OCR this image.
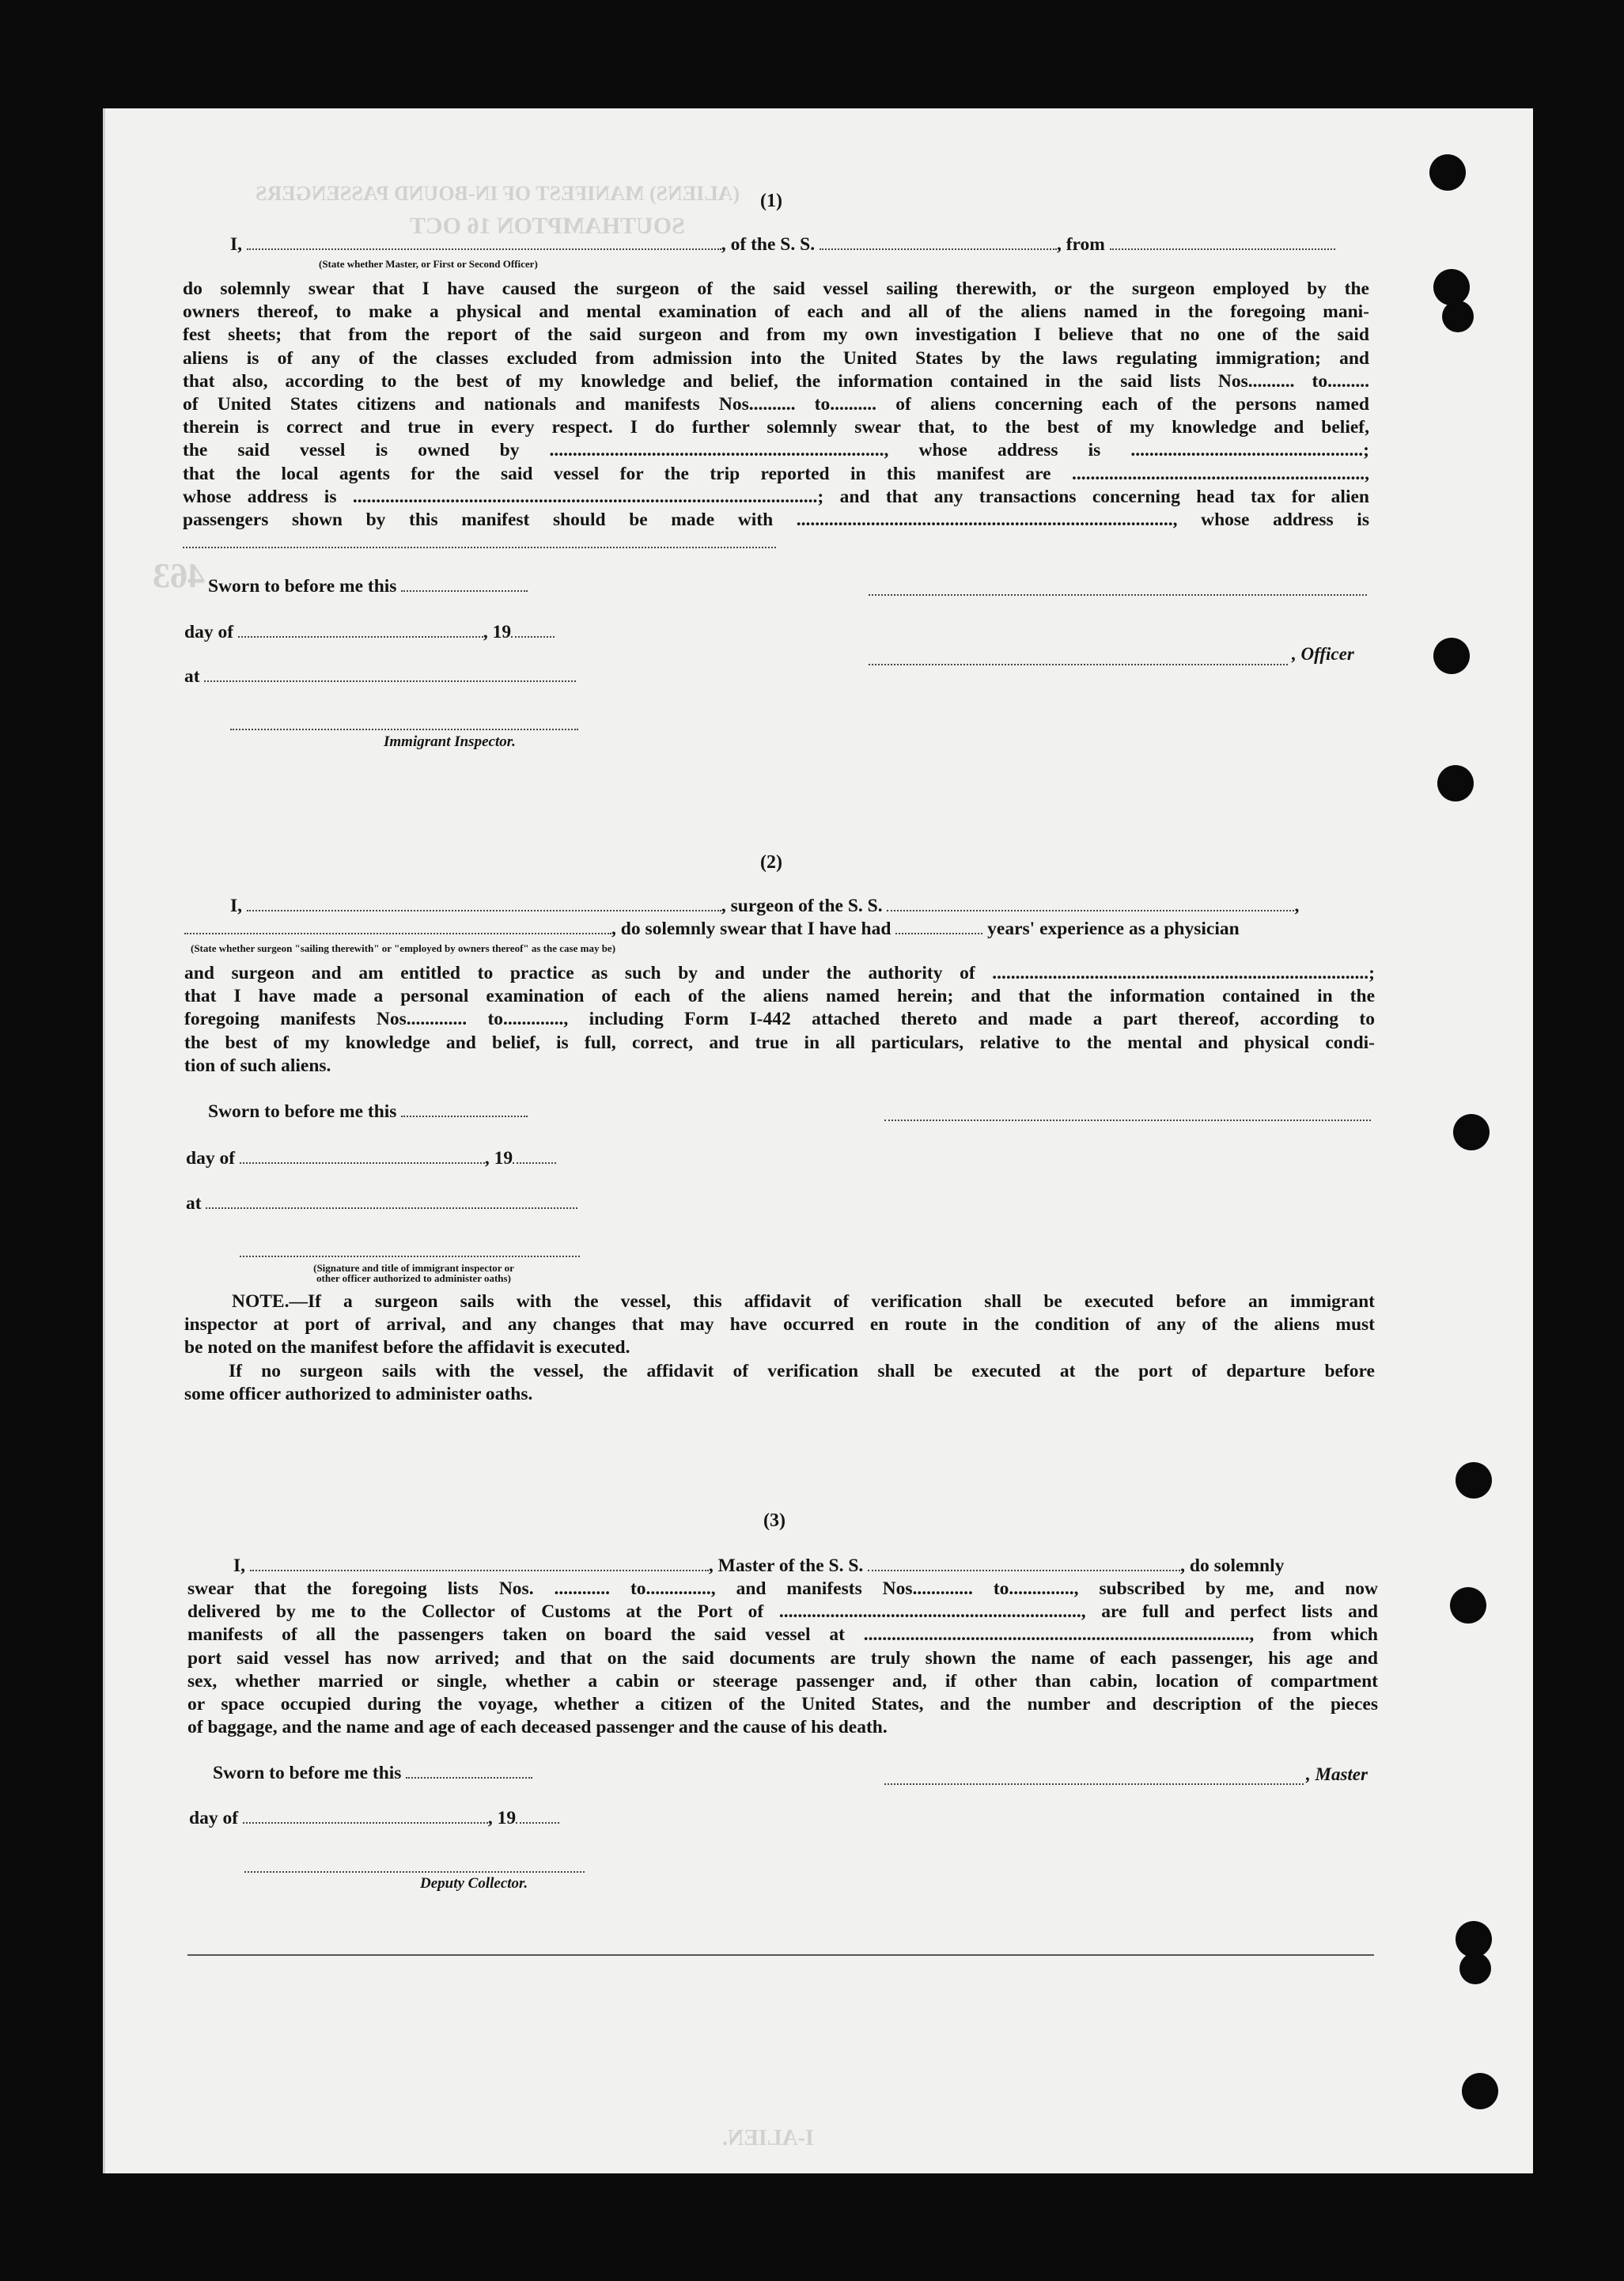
(ALIENS) MANIFEST OF IN-BOUND PASSENGERS
SOUTHAMPTON 16 OCT
463
(1)
I,	, of the S. S.	, from
(State whether Master, or First or Second Officer)
do solemnly swear that I have caused the surgeon of the said vessel sailing therewith, or the surgeon employed by the
owners thereof, to make a physical and mental examination of each and all of the aliens named in the foregoing mani-
fest sheets; that from the report of the said surgeon and from my own investigation I believe that no one of the said
aliens is of any of the classes excluded from admission into the United States by the laws regulating immigration; and
that also, according to the best of my knowledge and belief, the information contained in the said lists Nos.......... to.........
of United States citizens and nationals and manifests Nos.......... to.......... of aliens concerning each of the persons named
therein is correct and true in every respect. I do further solemnly swear that, to the best of my knowledge and belief,
the said vessel is owned by ........................................................................, whose address is ..................................................;
that the local agents for the said vessel for the trip reported in this manifest are ...............................................................,
whose address is ....................................................................................................; and that any transactions concerning head tax for alien
passengers shown by this manifest should be made with ................................................................................., whose address is
Sworn to before me this
day of	, 19
, Officer
at
Immigrant Inspector.
(2)
I,	, surgeon of the S. S.	,
, do solemnly swear that I have had	years' experience as a physician
(State whether surgeon "sailing therewith" or "employed by owners thereof" as the case may be)
and surgeon and am entitled to practice as such by and under the authority of .................................................................................;
that I have made a personal examination of each of the aliens named herein; and that the information contained in the
foregoing manifests Nos............. to............., including Form I-442 attached thereto and made a part thereof, according to
the best of my knowledge and belief, is full, correct, and true in all particulars, relative to the mental and physical condi-
tion of such aliens.
Sworn to before me this
day of	, 19
at
(Signature and title of immigrant inspector or
other officer authorized to administer oaths)
NOTE.—If a surgeon sails with the vessel, this affidavit of verification shall be executed before an immigrant
inspector at port of arrival, and any changes that may have occurred en route in the condition of any of the aliens must
be noted on the manifest before the affidavit is executed.
If no surgeon sails with the vessel, the affidavit of verification shall be executed at the port of departure before
some officer authorized to administer oaths.
(3)
I,	, Master of the S. S.	, do solemnly
swear that the foregoing lists Nos. ............ to.............., and manifests Nos............. to.............., subscribed by me, and now
delivered by me to the Collector of Customs at the Port of ................................................................., are full and perfect lists and
manifests of all the passengers taken on board the said vessel at ..................................................................................., from which
port said vessel has now arrived; and that on the said documents are truly shown the name of each passenger, his age and
sex, whether married or single, whether a cabin or steerage passenger and, if other than cabin, location of compartment
or space occupied during the voyage, whether a citizen of the United States, and the number and description of the pieces
of baggage, and the name and age of each deceased passenger and the cause of his death.
Sworn to before me this	, Master
day of	, 19
Deputy Collector.
I-ALIEN.
